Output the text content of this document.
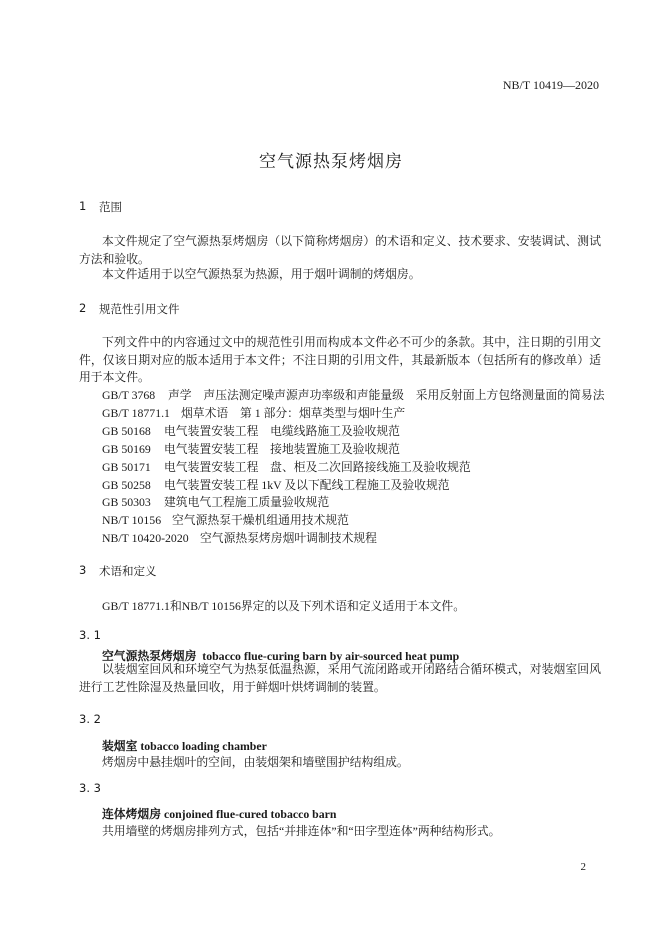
NB/T 10419—2020
空气源热泵烤烟房
1 范围
本文件规定了空气源热泵烤烟房（以下简称烤烟房）的术语和定义、技术要求、安装调试、测试方法和验收。
本文件适用于以空气源热泵为热源，用于烟叶调制的烤烟房。
2 规范性引用文件
下列文件中的内容通过文中的规范性引用而构成本文件必不可少的条款。其中，注日期的引用文件，仅该日期对应的版本适用于本文件；不注日期的引用文件，其最新版本（包括所有的修改单）适用于本文件。
GB/T 3768 声学　声压法测定噪声源声功率级和声能量级　采用反射面上方包络测量面的简易法
GB/T 18771.1 烟草术语　第 1 部分：烟草类型与烟叶生产
GB 50168 电气装置安装工程　电缆线路施工及验收规范
GB 50169 电气装置安装工程　接地装置施工及验收规范
GB 50171 电气装置安装工程　盘、柜及二次回路接线施工及验收规范
GB 50258 电气装置安装工程 1kV 及以下配线工程施工及验收规范
GB 50303 建筑电气工程施工质量验收规范
NB/T 10156 空气源热泵干燥机组通用技术规范
NB/T 10420-2020 空气源热泵烤房烟叶调制技术规程
3 术语和定义
GB/T 18771.1和NB/T 10156界定的以及下列术语和定义适用于本文件。
3. 1
空气源热泵烤烟房 tobacco flue-curing barn by air-sourced heat pump
以装烟室回风和环境空气为热泵低温热源，采用气流闭路或开闭路结合循环模式，对装烟室回风进行工艺性除湿及热量回收，用于鲜烟叶烘烤调制的装置。
3. 2
装烟室 tobacco loading chamber
烤烟房中悬挂烟叶的空间，由装烟架和墙壁围护结构组成。
3. 3
连体烤烟房 conjoined flue-cured tobacco barn
共用墙壁的烤烟房排列方式，包括“并排连体”和“田字型连体”两种结构形式。
2
